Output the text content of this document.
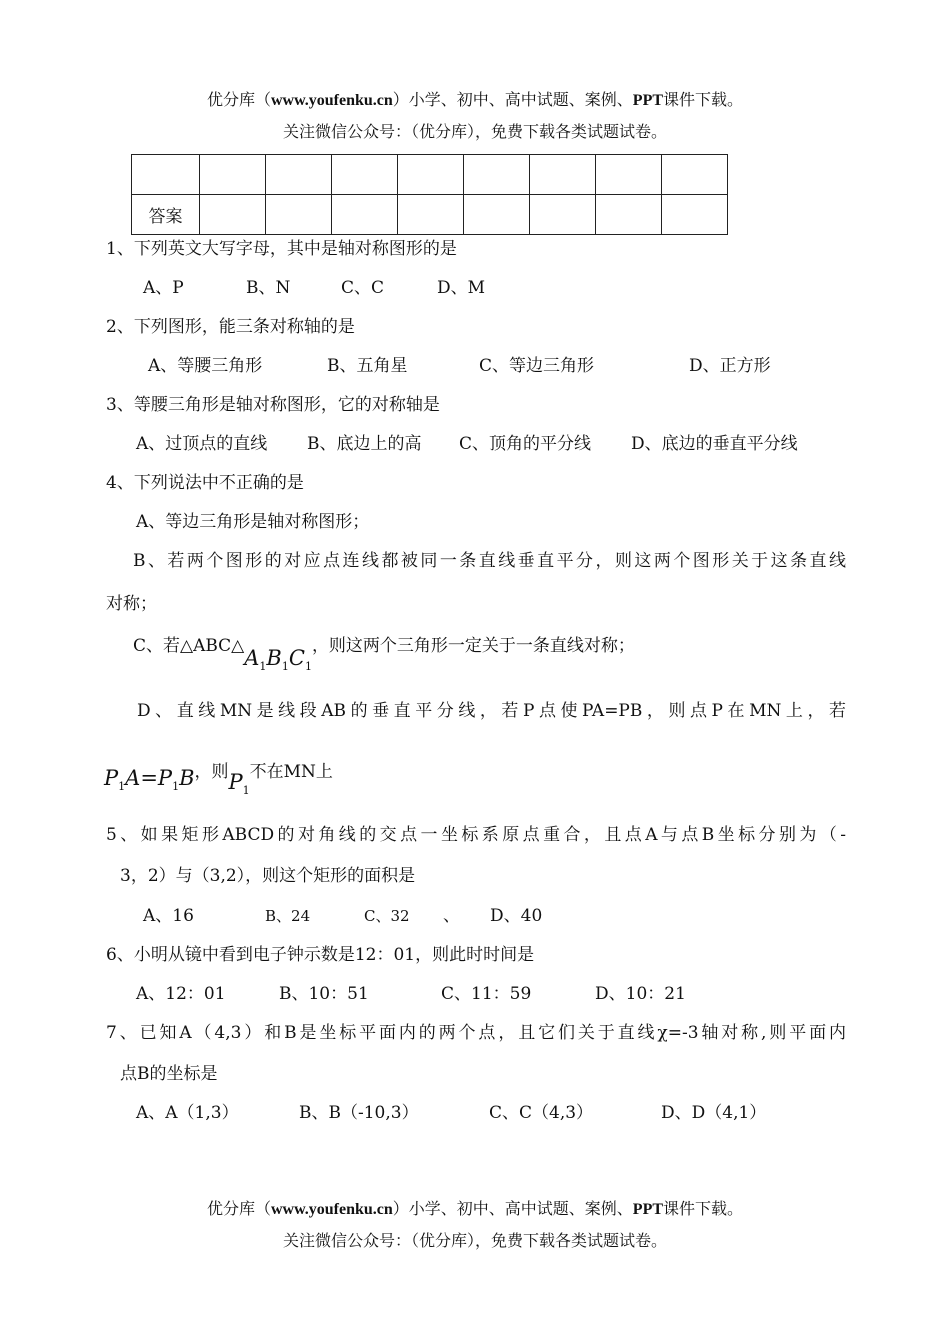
优分库（www.youfenku.cn）小学、初中、高中试题、案例、PPT课件下载。
关注微信公众号：（优分库），免费下载各类试题试卷。

答案								
1、下列英文大写字母，其中是轴对称图形的是
A、P	B、N	C、C	D、M
2、下列图形，能三条对称轴的是
A、等腰三角形	B、五角星	C、等边三角形	D、正方形
3、等腰三角形是轴对称图形，它的对称轴是
A、过顶点的直线 B、底边上的高 C、顶角的平分线 D、底边的垂直平分线
4、下列说法中不正确的是
A、等边三角形是轴对称图形；
B、若两个图形的对应点连线都被同一条直线垂直平分，则这两个图形关于这条直线
对称；
C、若$\triangle ABC\triangle A_1B_1C_1$，则这两个三角形一定关于一条直线对称；
D、直线MN是线段AB的垂直平分线，若P点使PA=PB，则点P在MN上，若
$P_1A=P_1B$，则$P_1$不在MN上
5、如果矩形ABCD的对角线的交点一坐标系原点重合，且点A与点B坐标分别为（-
3，2）与（3,2），则这个矩形的面积是
A、16	B、24	C、32 、 D、40
6、小明从镜中看到电子钟示数是12：01，则此时时间是
A、12：01	B、10：51	C、11：59	D、10：21
7、已知A（4,3）和B是坐标平面内的两个点，且它们关于直线χ=-3轴对称,则平面内
点B的坐标是
A、A（1,3）	B、B（-10,3）	C、C（4,3）	D、D（4,1）
优分库（www.youfenku.cn）小学、初中、高中试题、案例、PPT课件下载。
关注微信公众号：（优分库），免费下载各类试题试卷。
